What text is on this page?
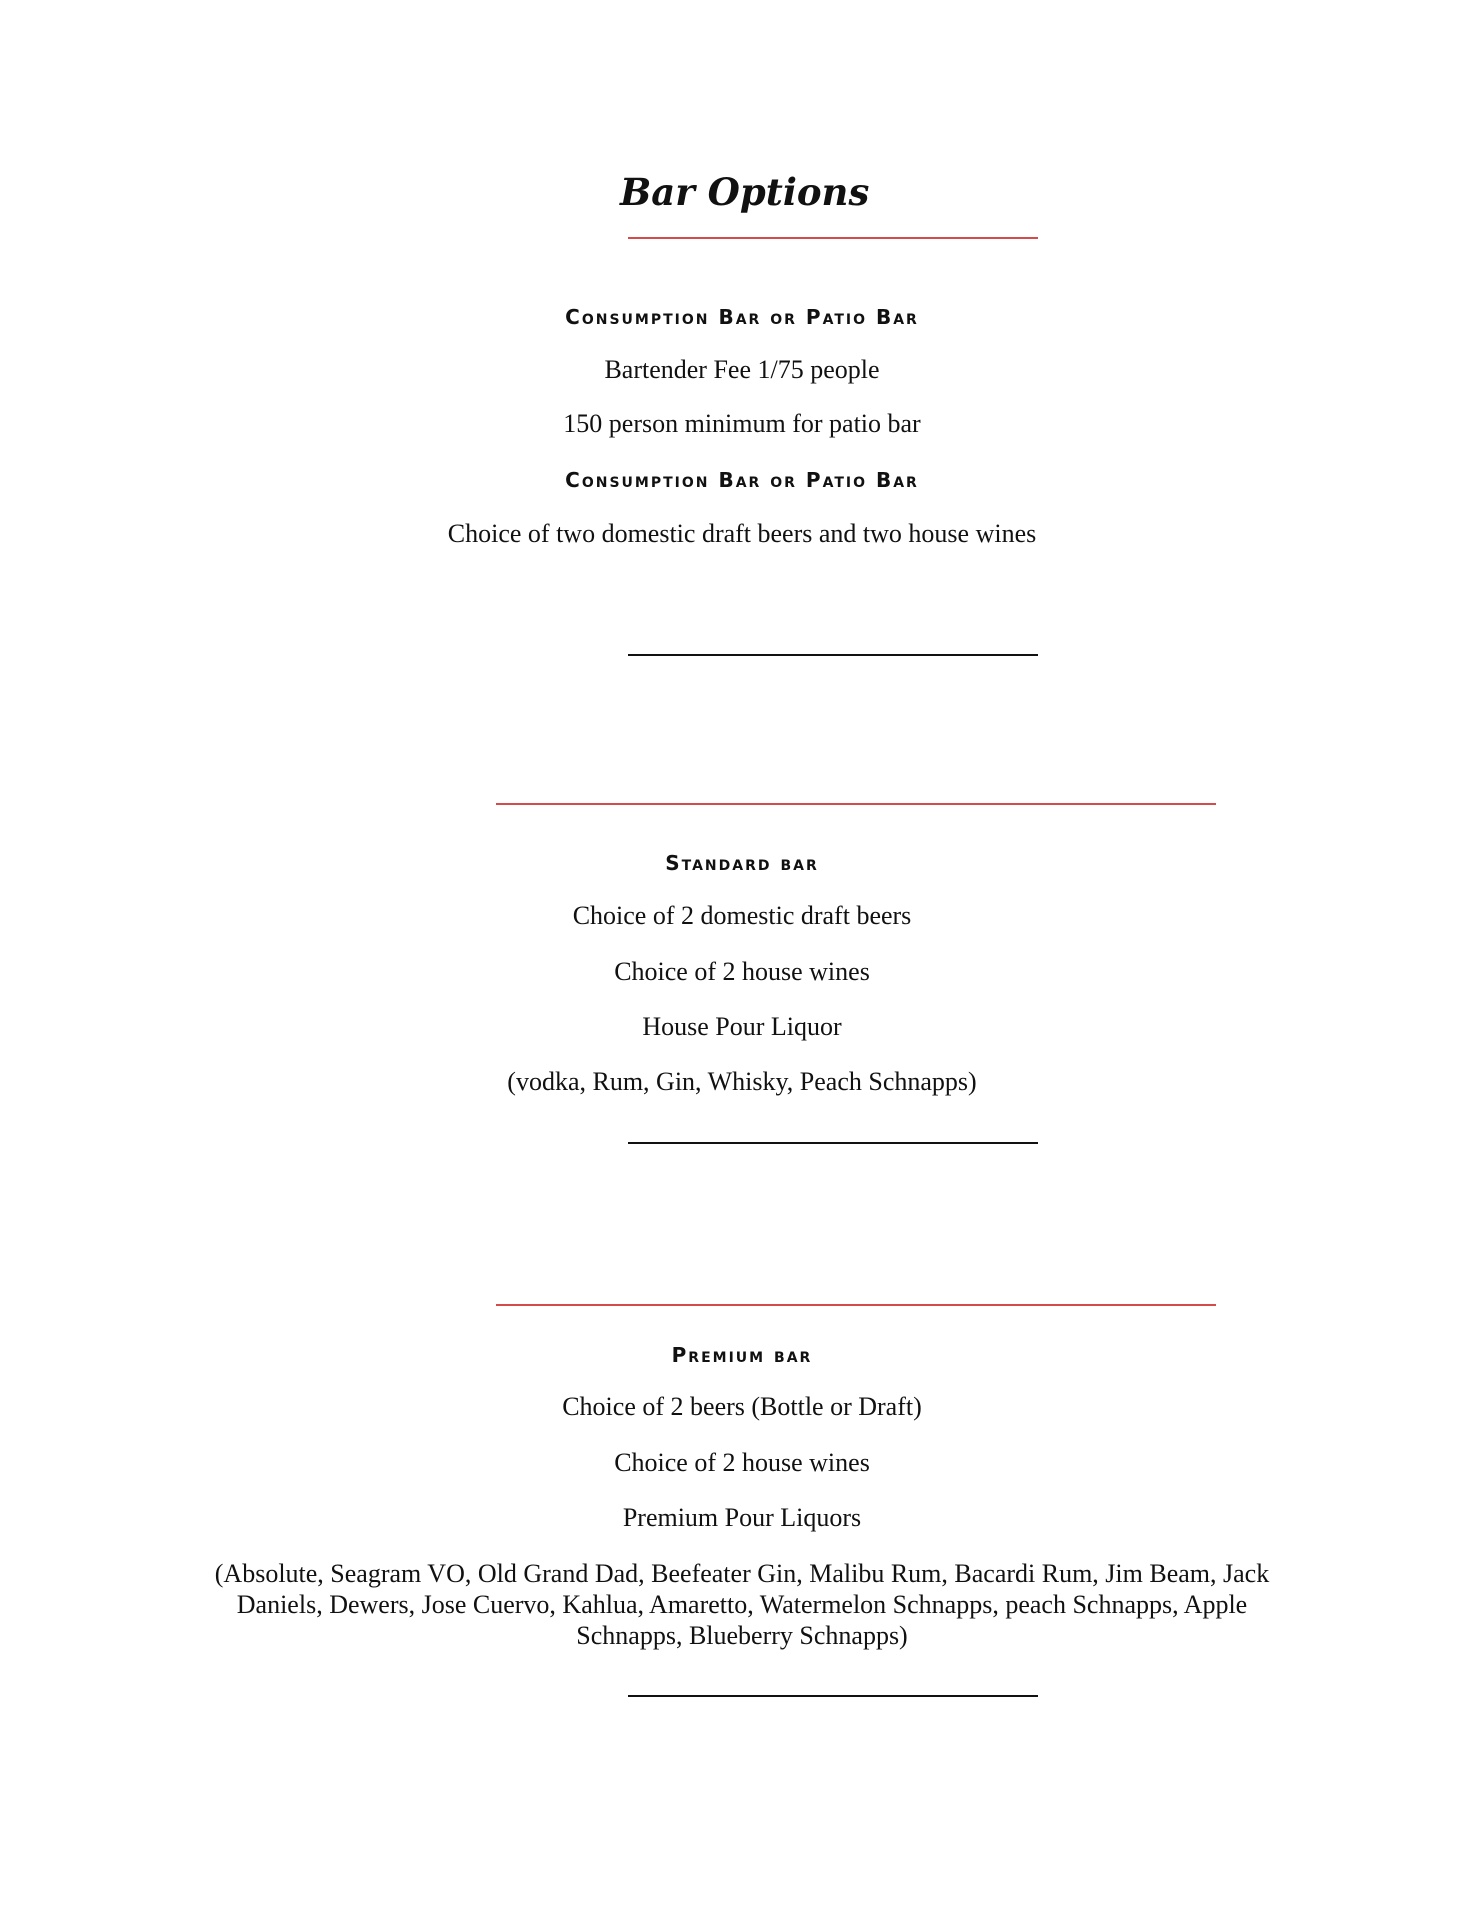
Bar Options
Consumption Bar or Patio Bar
Bartender Fee 1/75 people
150 person minimum for patio bar
Consumption Bar or Patio Bar
Choice of two domestic draft beers and two house wines
Standard bar
Choice of 2 domestic draft beers
Choice of 2 house wines
House Pour Liquor
(vodka, Rum, Gin, Whisky, Peach Schnapps)
Premium bar
Choice of 2 beers (Bottle or Draft)
Choice of 2 house wines
Premium Pour Liquors
(Absolute, Seagram VO, Old Grand Dad, Beefeater Gin, Malibu Rum, Bacardi Rum, Jim Beam, Jack Daniels, Dewers, Jose Cuervo, Kahlua, Amaretto, Watermelon Schnapps, peach Schnapps, Apple Schnapps, Blueberry Schnapps)
